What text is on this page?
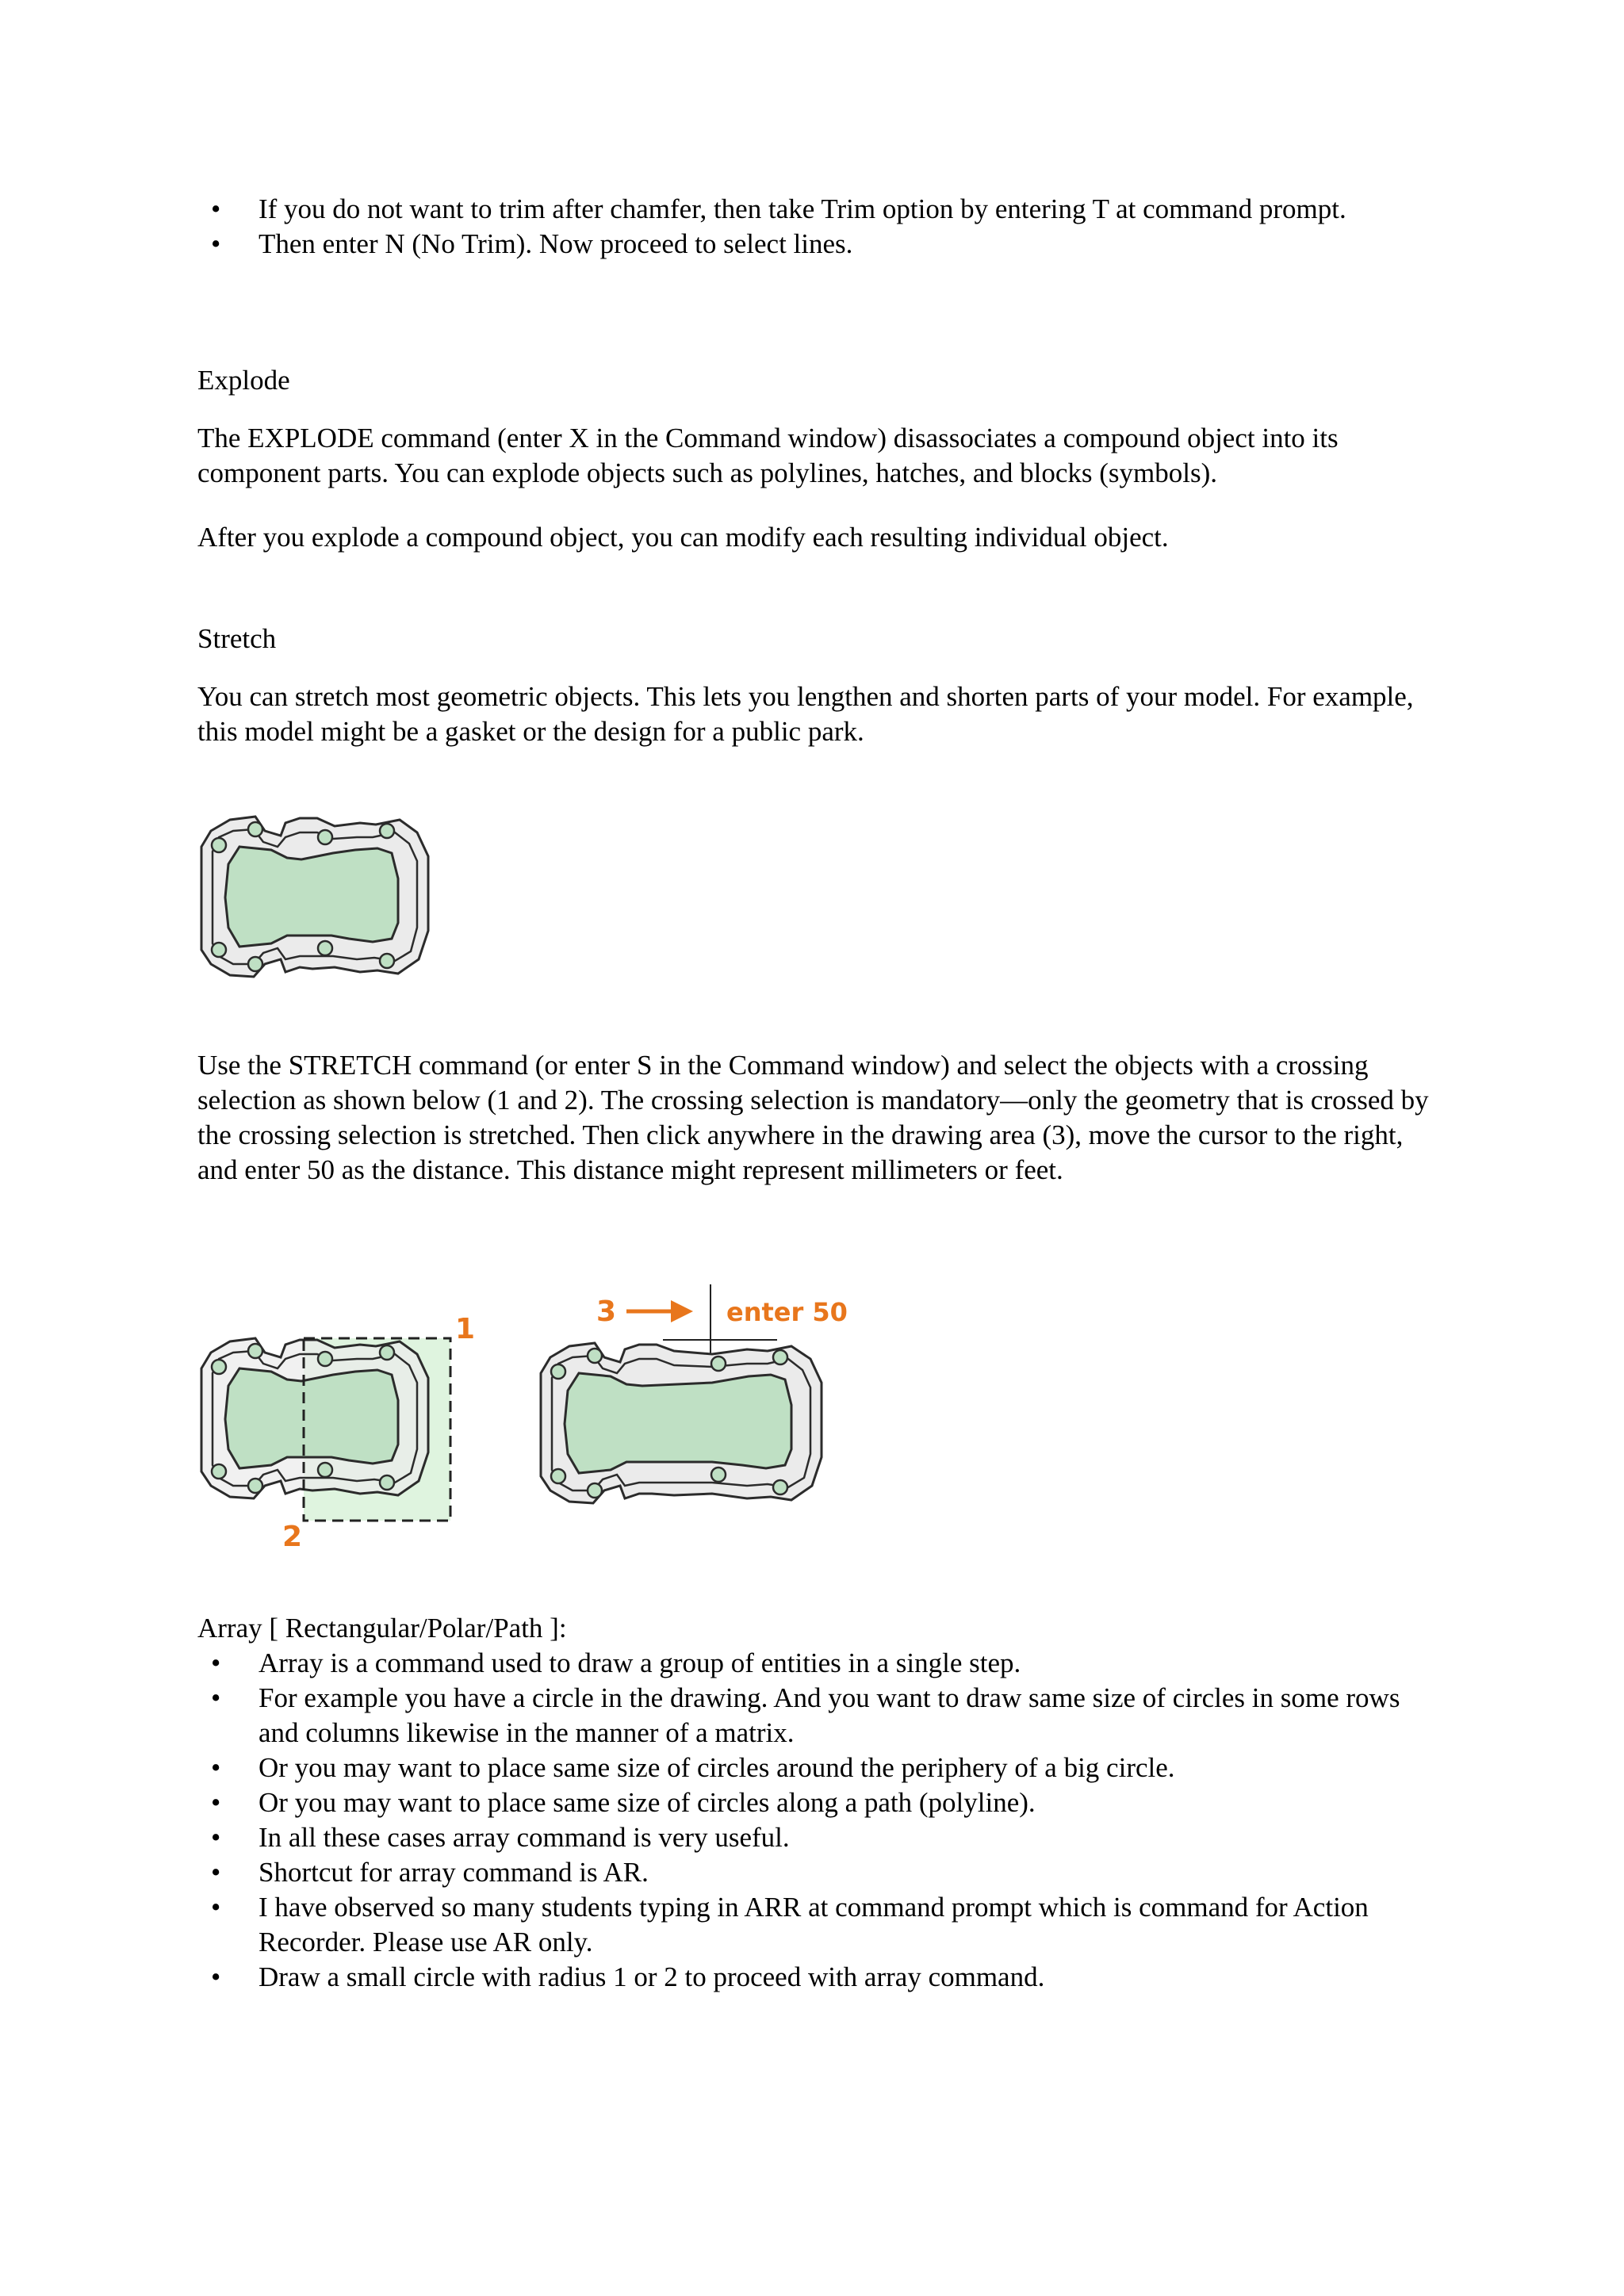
• If you do not want to trim after chamfer, then take Trim option by entering T at command prompt.
• Then enter N (No Trim). Now proceed to select lines.

Explode

The EXPLODE command (enter X in the Command window) disassociates a compound object into its component parts. You can explode objects such as polylines, hatches, and blocks (symbols).

After you explode a compound object, you can modify each resulting individual object.

Stretch

You can stretch most geometric objects. This lets you lengthen and shorten parts of your model. For example, this model might be a gasket or the design for a public park.

Use the STRETCH command (or enter S in the Command window) and select the objects with a crossing selection as shown below (1 and 2). The crossing selection is mandatory—only the geometry that is crossed by the crossing selection is stretched. Then click anywhere in the drawing area (3), move the cursor to the right, and enter 50 as the distance. This distance might represent millimeters or feet.

1
2
3	enter 50

Array [ Rectangular/Polar/Path ]:

• Array is a command used to draw a group of entities in a single step.
• For example you have a circle in the drawing. And you want to draw same size of circles in some rows and columns likewise in the manner of a matrix.
• Or you may want to place same size of circles around the periphery of a big circle.
• Or you may want to place same size of circles along a path (polyline).
• In all these cases array command is very useful.
• Shortcut for array command is AR.
• I have observed so many students typing in ARR at command prompt which is command for Action Recorder. Please use AR only.
• Draw a small circle with radius 1 or 2 to proceed with array command.
